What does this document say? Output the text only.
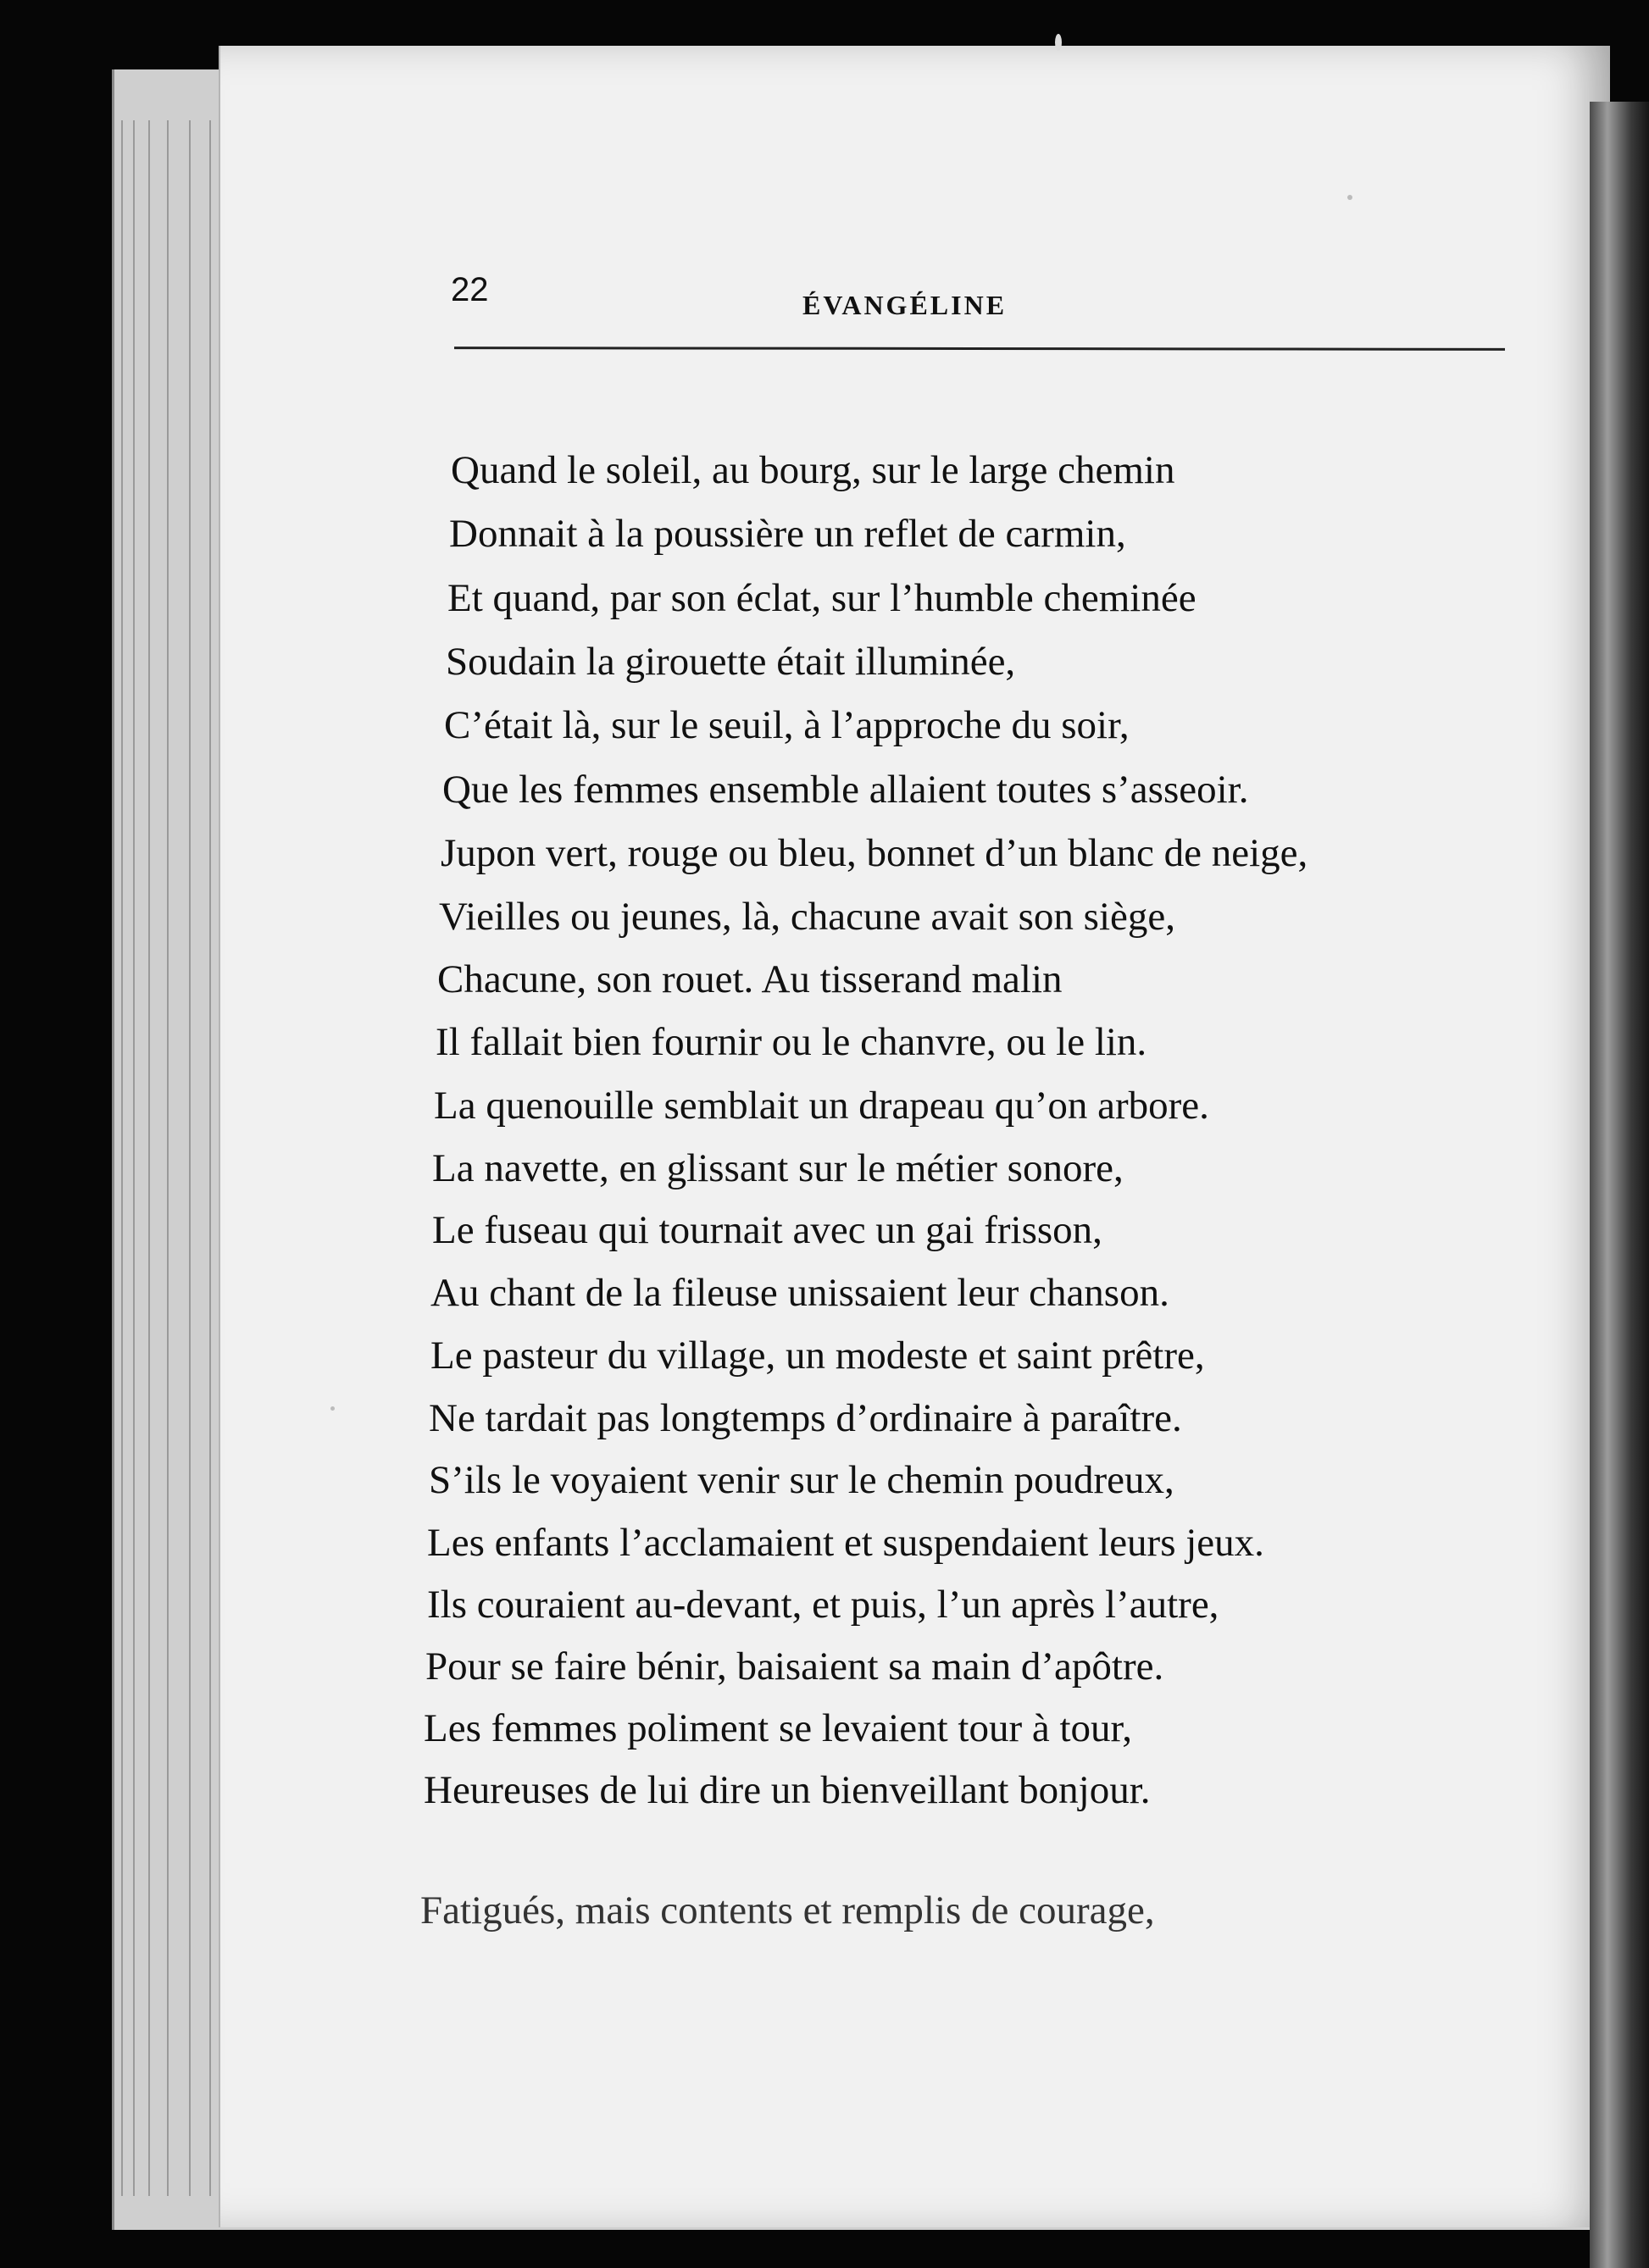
22	ÉVANGÉLINE
Quand le soleil, au bourg, sur le large chemin
Donnait à la poussière un reflet de carmin,
Et quand, par son éclat, sur l’humble cheminée
Soudain la girouette était illuminée,
C’était là, sur le seuil, à l’approche du soir,
Que les femmes ensemble allaient toutes s’asseoir.
Jupon vert, rouge ou bleu, bonnet d’un blanc de neige,
Vieilles ou jeunes, là, chacune avait son siège,
Chacune, son rouet. Au tisserand malin
Il fallait bien fournir ou le chanvre, ou le lin.
La quenouille semblait un drapeau qu’on arbore.
La navette, en glissant sur le métier sonore,
Le fuseau qui tournait avec un gai frisson,
Au chant de la fileuse unissaient leur chanson.
Le pasteur du village, un modeste et saint prêtre,
Ne tardait pas longtemps d’ordinaire à paraître.
S’ils le voyaient venir sur le chemin poudreux,
Les enfants l’acclamaient et suspendaient leurs jeux.
Ils couraient au-devant, et puis, l’un après l’autre,
Pour se faire bénir, baisaient sa main d’apôtre.
Les femmes poliment se levaient tour à tour,
Heureuses de lui dire un bienveillant bonjour.
Fatigués, mais contents et remplis de courage,
